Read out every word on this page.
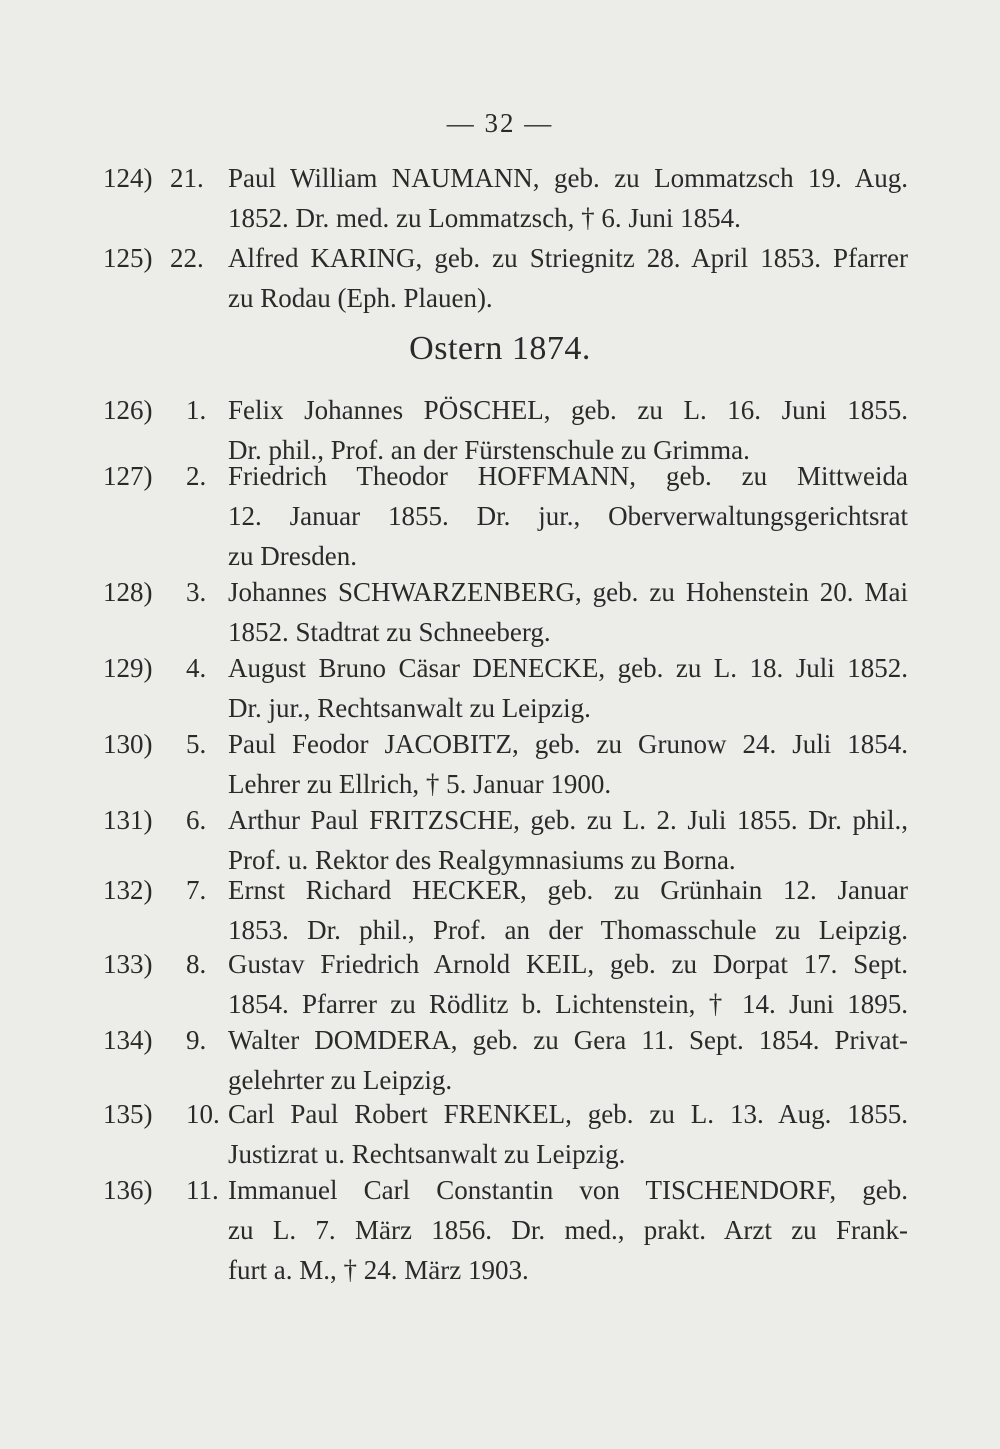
— 32 —
124) 21. Paul William NAUMANN, geb. zu Lommatzsch 19. Aug.
1852. Dr. med. zu Lommatzsch, † 6. Juni 1854.
125) 22. Alfred KARING, geb. zu Striegnitz 28. April 1853. Pfarrer
zu Rodau (Eph. Plauen).
Ostern 1874.
126) 1. Felix Johannes PÖSCHEL, geb. zu L. 16. Juni 1855.
Dr. phil., Prof. an der Fürstenschule zu Grimma.
127) 2. Friedrich Theodor HOFFMANN, geb. zu Mittweida
12. Januar 1855. Dr. jur., Oberverwaltungsgerichtsrat
zu Dresden.
128) 3. Johannes SCHWARZENBERG, geb. zu Hohenstein 20. Mai
1852. Stadtrat zu Schneeberg.
129) 4. August Bruno Cäsar DENECKE, geb. zu L. 18. Juli 1852.
Dr. jur., Rechtsanwalt zu Leipzig.
130) 5. Paul Feodor JACOBITZ, geb. zu Grunow 24. Juli 1854.
Lehrer zu Ellrich, † 5. Januar 1900.
131) 6. Arthur Paul FRITZSCHE, geb. zu L. 2. Juli 1855. Dr. phil.,
Prof. u. Rektor des Realgymnasiums zu Borna.
132) 7. Ernst Richard HECKER, geb. zu Grünhain 12. Januar
1853. Dr. phil., Prof. an der Thomasschule zu Leipzig.
133) 8. Gustav Friedrich Arnold KEIL, geb. zu Dorpat 17. Sept.
1854. Pfarrer zu Rödlitz b. Lichtenstein, † 14. Juni 1895.
134) 9. Walter DOMDERA, geb. zu Gera 11. Sept. 1854. Privat-
gelehrter zu Leipzig.
135) 10. Carl Paul Robert FRENKEL, geb. zu L. 13. Aug. 1855.
Justizrat u. Rechtsanwalt zu Leipzig.
136) 11. Immanuel Carl Constantin von TISCHENDORF, geb.
zu L. 7. März 1856. Dr. med., prakt. Arzt zu Frank-
furt a. M., † 24. März 1903.
